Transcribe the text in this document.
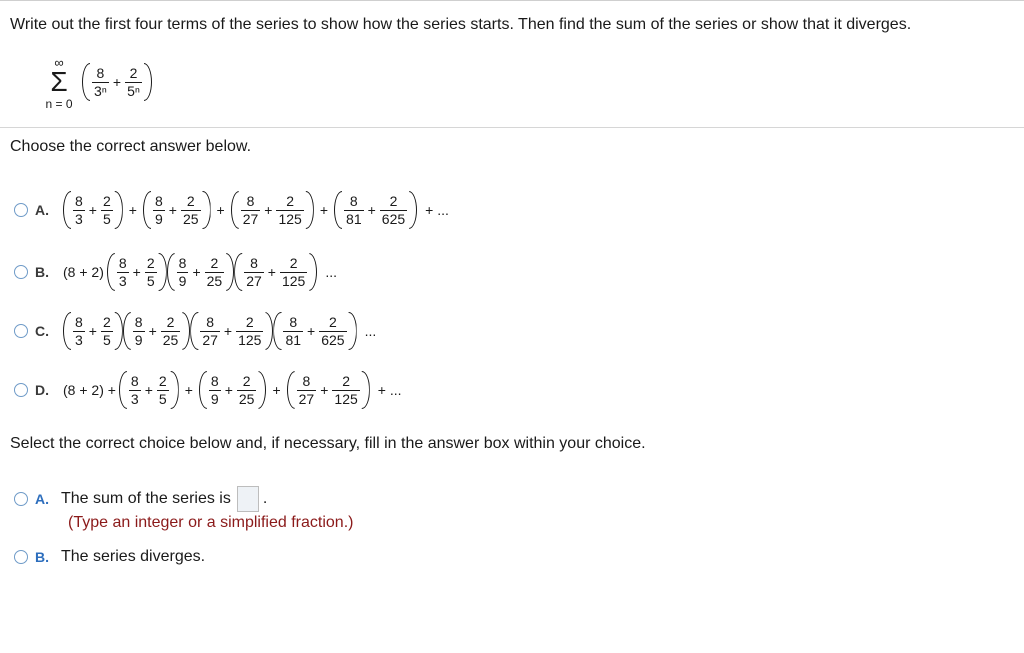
Write out the first four terms of the series to show how the series starts. Then find the sum of the series or show that it diverges.
∞
Σ
n = 0
$\frac{8}{\text{3ⁿ}} + \frac{2}{\text{5ⁿ}}$
Choose the correct answer below.
A. $\frac{8}{3} + \frac{2}{5} + \frac{8}{9} + \frac{2}{25} + \frac{8}{27} + \frac{2}{125} + \frac{8}{81} + \frac{2}{625}$ + ...
B. $(8 + 2) \frac{8}{3} + \frac{2}{5} \frac{8}{9} + \frac{2}{25} \frac{8}{27} + \frac{2}{125}$ ...
C. $\frac{8}{3} + \frac{2}{5} \frac{8}{9} + \frac{2}{25} \frac{8}{27} + \frac{2}{125} \frac{8}{81} + \frac{2}{625}$ ...
D. $(8 + 2) + \frac{8}{3} + \frac{2}{5} + \frac{8}{9} + \frac{2}{25} + \frac{8}{27} + \frac{2}{125}$ + ...
Select the correct choice below and, if necessary, fill in the answer box within your choice.
A. The sum of the series is .
(Type an integer or a simplified fraction.)
B. The series diverges.
